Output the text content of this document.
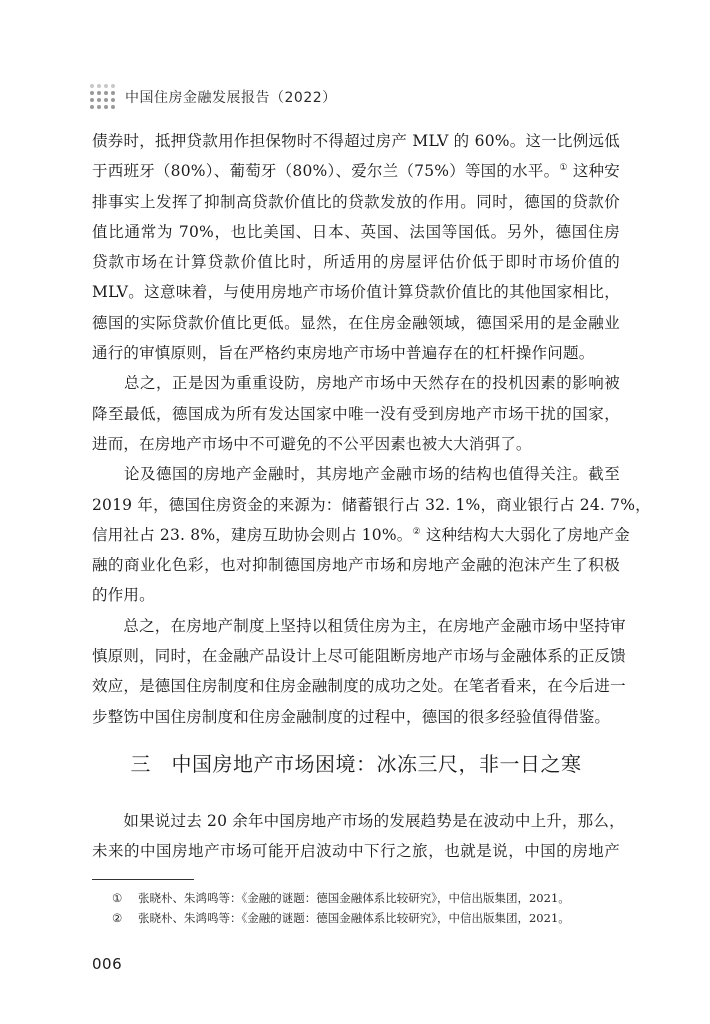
中国住房金融发展报告（2022）

债券时，抵押贷款用作担保物时不得超过房产 MLV 的 60%。这一比例远低
于西班牙（80%）、葡萄牙（80%）、爱尔兰（75%）等国的水平。① 这种安
排事实上发挥了抑制高贷款价值比的贷款发放的作用。同时，德国的贷款价
值比通常为 70%，也比美国、日本、英国、法国等国低。另外，德国住房
贷款市场在计算贷款价值比时，所适用的房屋评估价低于即时市场价值的
MLV。这意味着，与使用房地产市场价值计算贷款价值比的其他国家相比，
德国的实际贷款价值比更低。显然，在住房金融领域，德国采用的是金融业
通行的审慎原则，旨在严格约束房地产市场中普遍存在的杠杆操作问题。

　　总之，正是因为重重设防，房地产市场中天然存在的投机因素的影响被
降至最低，德国成为所有发达国家中唯一没有受到房地产市场干扰的国家，
进而，在房地产市场中不可避免的不公平因素也被大大消弭了。

　　论及德国的房地产金融时，其房地产金融市场的结构也值得关注。截至
2019 年，德国住房资金的来源为：储蓄银行占 32. 1%，商业银行占 24. 7%，
信用社占 23. 8%，建房互助协会则占 10%。② 这种结构大大弱化了房地产金
融的商业化色彩，也对抑制德国房地产市场和房地产金融的泡沫产生了积极
的作用。

　　总之，在房地产制度上坚持以租赁住房为主，在房地产金融市场中坚持审
慎原则，同时，在金融产品设计上尽可能阻断房地产市场与金融体系的正反馈
效应，是德国住房制度和住房金融制度的成功之处。在笔者看来，在今后进一
步整饬中国住房制度和住房金融制度的过程中，德国的很多经验值得借鉴。

三　中国房地产市场困境：冰冻三尺，非一日之寒

　　如果说过去 20 余年中国房地产市场的发展趋势是在波动中上升，那么，
未来的中国房地产市场可能开启波动中下行之旅，也就是说，中国的房地产

①	张晓朴、朱鸿鸣等：《金融的谜题：德国金融体系比较研究》，中信出版集团，2021。
②	张晓朴、朱鸿鸣等：《金融的谜题：德国金融体系比较研究》，中信出版集团，2021。
006
